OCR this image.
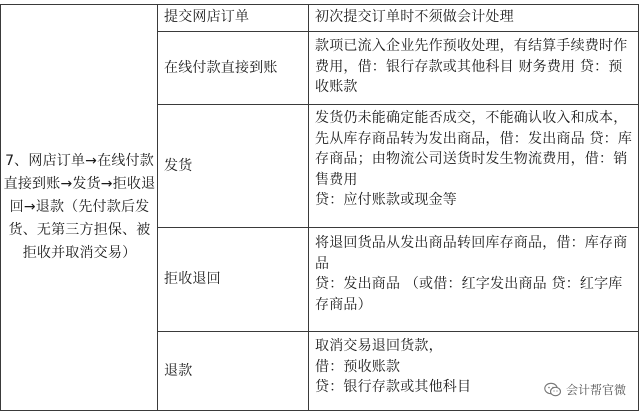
7、网店订单→在线付款直接到账→发货→拒收退回→退款（先付款后发货、无第三方担保、被拒收并取消交易）
提交网店订单	初次提交订单时不须做会计处理

在线付款直接到账

款项已流入企业先作预收处理，有结算手续费时作费用，借：银行存款或其他科目 财务费用 贷：预收账款

发货

发货仍未能确定能否成交，不能确认收入和成本，先从库存商品转为发出商品，借：发出商品 贷：库存商品；由物流公司送货时发生物流费用，借：销售费用

贷：应付账款或现金等

拒收退回

将退回货品从发出商品转回库存商品，借：库存商品

贷：发出商品 （或借：红字发出商品 贷：红字库存商品）

退款

取消交易退回货款，

借：预收账款

贷：银行存款或其他科目	会计帮官微
